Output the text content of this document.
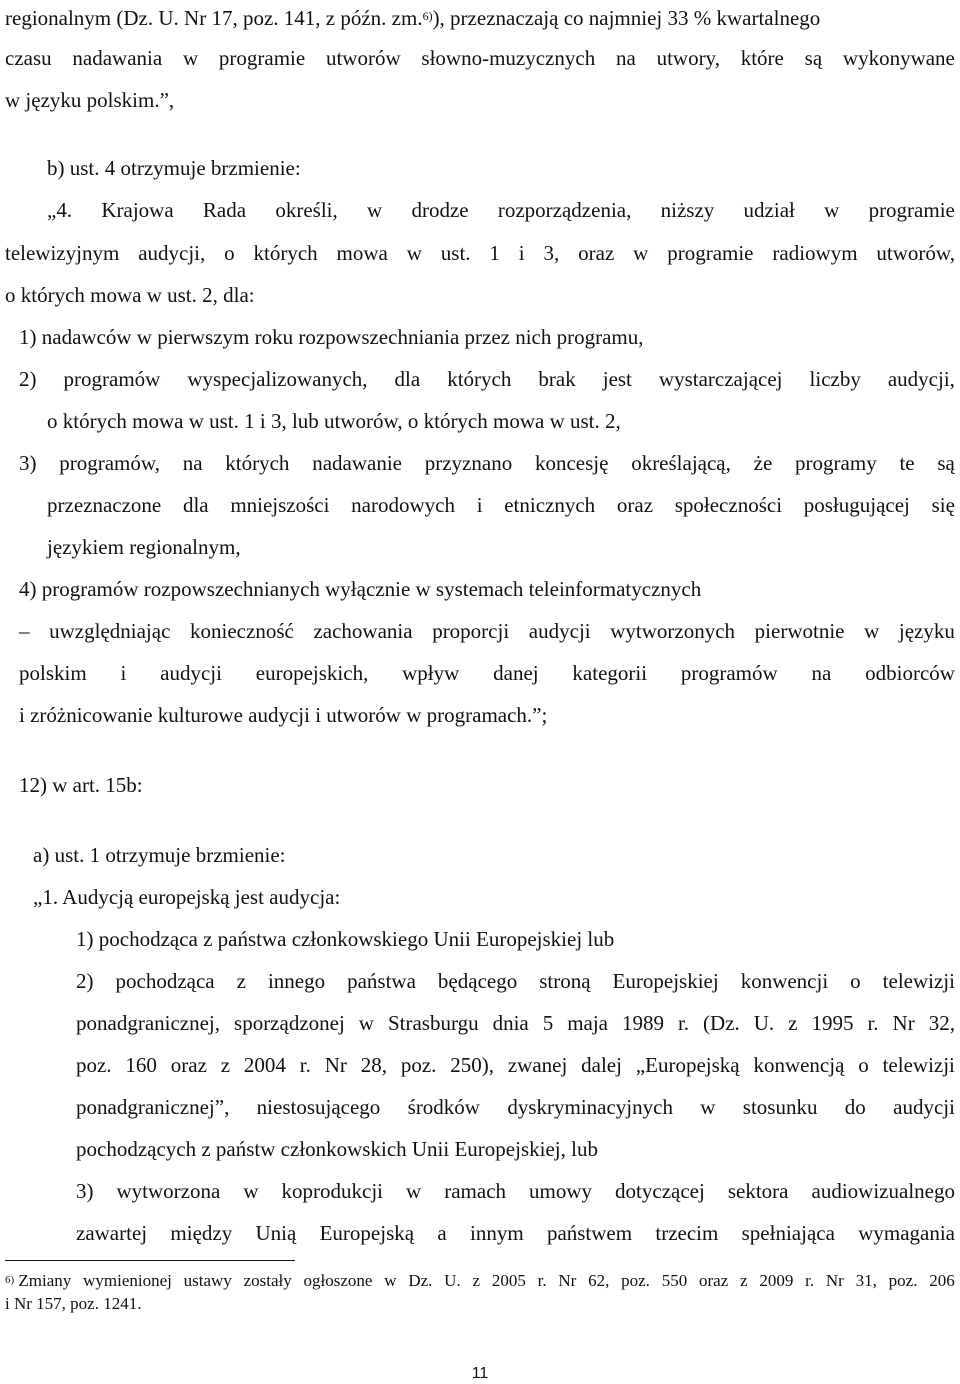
regionalnym (Dz. U. Nr 17, poz. 141, z późn. zm.$^{6)}$), przeznaczają co najmniej 33 % kwartalnego
czasu nadawania w programie utworów słowno-muzycznych na utwory, które są wykonywane
w języku polskim.”,
b) ust. 4 otrzymuje brzmienie:
„4. Krajowa Rada określi, w drodze rozporządzenia, niższy udział w programie
telewizyjnym audycji, o których mowa w ust. 1 i 3, oraz w programie radiowym utworów,
o których mowa w ust. 2, dla:
1) nadawców w pierwszym roku rozpowszechniania przez nich programu,
2) programów wyspecjalizowanych, dla których brak jest wystarczającej liczby audycji,
o których mowa w ust. 1 i 3, lub utworów, o których mowa w ust. 2,
3) programów, na których nadawanie przyznano koncesję określającą, że programy te są
przeznaczone dla mniejszości narodowych i etnicznych oraz społeczności posługującej się
językiem regionalnym,
4) programów rozpowszechnianych wyłącznie w systemach teleinformatycznych
– uwzględniając konieczność zachowania proporcji audycji wytworzonych pierwotnie w języku
polskim i audycji europejskich, wpływ danej kategorii programów na odbiorców
i zróżnicowanie kulturowe audycji i utworów w programach.”;
12) w art. 15b:
a) ust. 1 otrzymuje brzmienie:
„1. Audycją europejską jest audycja:
1) pochodząca z państwa członkowskiego Unii Europejskiej lub
2) pochodząca z innego państwa będącego stroną Europejskiej konwencji o telewizji
ponadgranicznej, sporządzonej w Strasburgu dnia 5 maja 1989 r. (Dz. U. z 1995 r. Nr 32,
poz. 160 oraz z 2004 r. Nr 28, poz. 250), zwanej dalej „Europejską konwencją o telewizji
ponadgranicznej”, niestosującego środków dyskryminacyjnych w stosunku do audycji
pochodzących z państw członkowskich Unii Europejskiej, lub
3) wytworzona w koprodukcji w ramach umowy dotyczącej sektora audiowizualnego
zawartej między Unią Europejską a innym państwem trzecim spełniająca wymagania
$^{6)}$ Zmiany wymienionej ustawy zostały ogłoszone w Dz. U. z 2005 r. Nr 62, poz. 550 oraz z 2009 r. Nr 31, poz. 206
i Nr 157, poz. 1241.
11
